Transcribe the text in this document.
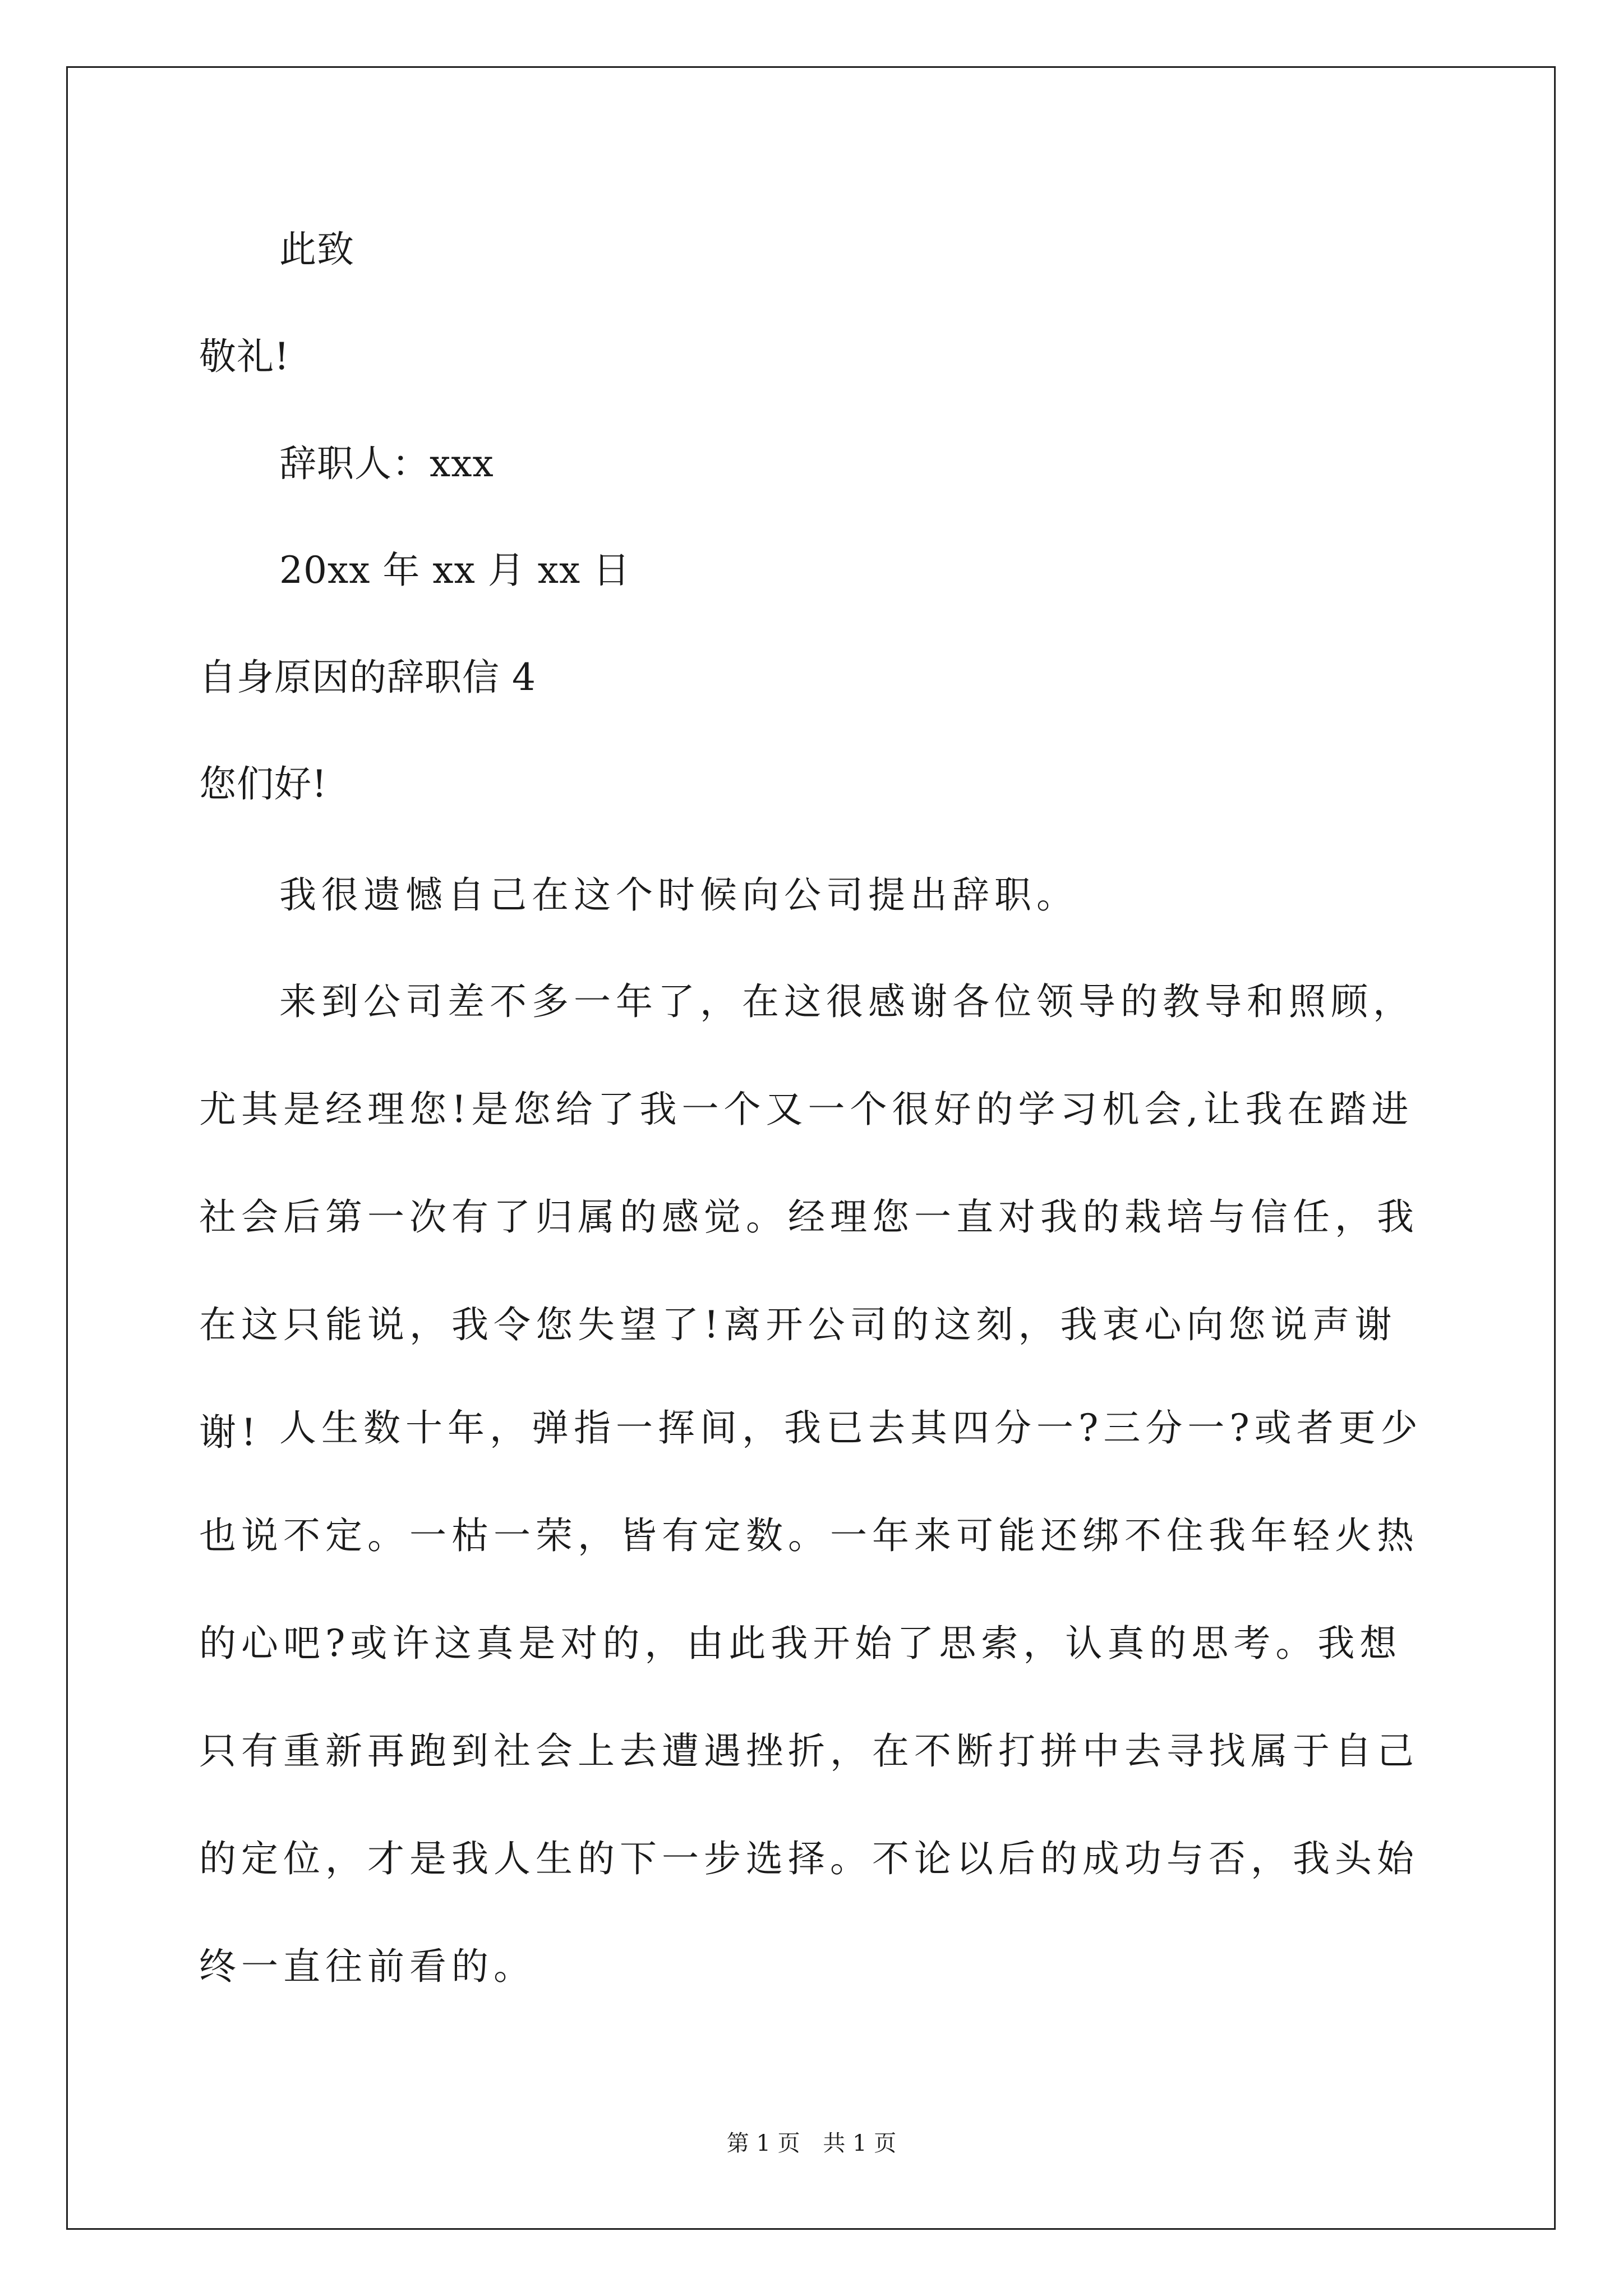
此致
敬礼!
辞职人：xxx
20xx 年 xx 月 xx 日
自身原因的辞职信 4
您们好!

我很遗憾自己在这个时候向公司提出辞职。

来到公司差不多一年了，在这很感谢各位领导的教导和照顾，尤其是经理您!是您给了我一个又一个很好的学习机会,让我在踏进社会后第一次有了归属的感觉。经理您一直对我的栽培与信任，我在这只能说，我令您失望了!离开公司的这刻，我衷心向您说声谢谢! 人生数十年，弹指一挥间，我已去其四分一?三分一?或者更少也说不定。一枯一荣，皆有定数。一年来可能还绑不住我年轻火热的心吧?或许这真是对的，由此我开始了思索，认真的思考。我想只有重新再跑到社会上去遭遇挫折，在不断打拼中去寻找属于自己的定位，才是我人生的下一步选择。不论以后的成功与否，我头始终一直往前看的。

第 1 页 共 1 页
